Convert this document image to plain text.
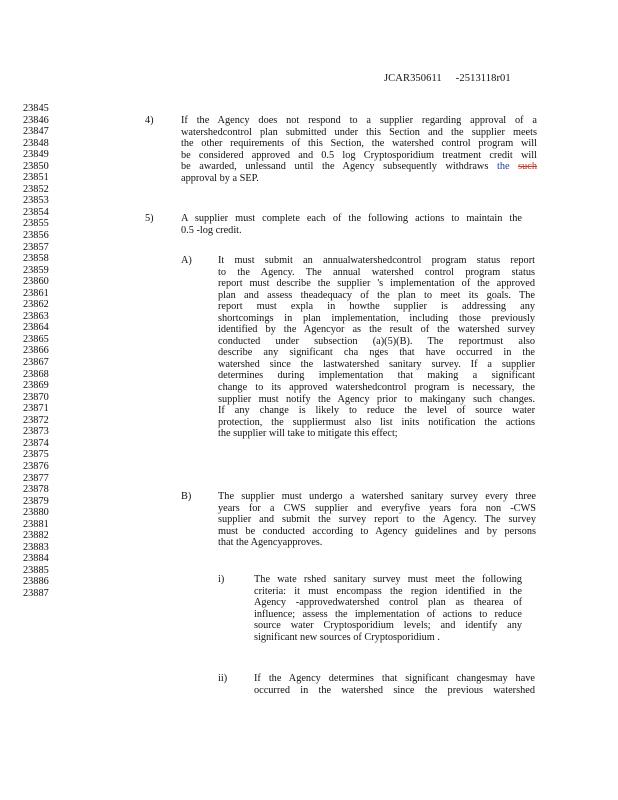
JCAR350611 -2513118r01
23845
23846
23847
23848
23849
23850
23851
23852
23853
23854
23855
23856
23857
23858
23859
23860
23861
23862
23863
23864
23865
23866
23867
23868
23869
23870
23871
23872
23873
23874
23875
23876
23877
23878
23879
23880
23881
23882
23883
23884
23885
23886
23887
4)	If the Agency does not respond to a supplier regarding approval of a
watershedcontrol plan submitted under this Section and the supplier meets
the other requirements of this Section, the watershed control program will
be considered approved and 0.5 log Cryptosporidium treatment credit will
be awarded, unlessand until the Agency subsequently withdraws the such
approval by a SEP.
5)	A supplier must complete each of the following actions to maintain the
0.5 -log credit.
A)	It must submit an annualwatershedcontrol program status report
to the Agency. The annual watershed control program status
report must describe the supplier 's implementation of the approved
plan and assess theadequacy of the plan to meet its goals. The
report must expla in howthe supplier is addressing any
shortcomings in plan implementation, including those previously
identified by the Agencyor as the result of the watershed survey
conducted under subsection (a)(5)(B). The reportmust also
describe any significant cha nges that have occurred in the
watershed since the lastwatershed sanitary survey. If a supplier
determines during implementation that making a significant
change to its approved watershedcontrol program is necessary, the
supplier must notify the Agency prior to makingany such changes.
If any change is likely to reduce the level of source water
protection, the suppliermust also list inits notification the actions
the supplier will take to mitigate this effect;
B)	The supplier must undergo a watershed sanitary survey every three
years for a CWS supplier and everyfive years fora non -CWS
supplier and submit the survey report to the Agency. The survey
must be conducted according to Agency guidelines and by persons
that the Agencyapproves.
i)	The wate rshed sanitary survey must meet the following
criteria: it must encompass the region identified in the
Agency -approvedwatershed control plan as thearea of
influence; assess the implementation of actions to reduce
source water Cryptosporidium levels; and identify any
significant new sources of Cryptosporidium .
ii)	If the Agency determines that significant changesmay have
occurred in the watershed since the previous watershed
